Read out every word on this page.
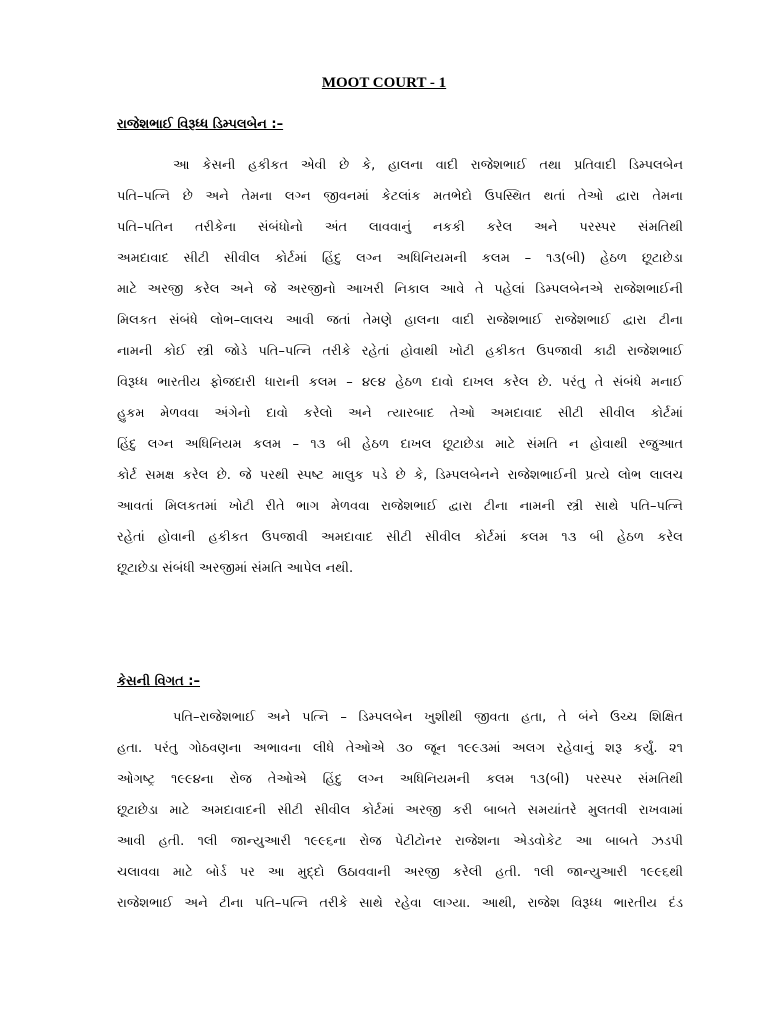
MOOT COURT - 1
રાજેશભાઈ વિરૂધ્ધ ડિમ્પલબેન :–
આ કેસની હકીકત એવી છે કે, હાલના વાદી રાજેશભાઈ તથા પ્રતિવાદી ડિમ્પલબેન
પતિ–પત્નિ છે અને તેમના લગ્ન જીવનમાં કેટલાંક મતભેદો ઉપસ્થિત થતાં તેઓ દ્વારા તેમના
પતિ–પતિન તરીકેના સંબંધોનો અંત લાવવાનું નકકી કરેલ અને પરસ્પર સંમતિથી
અમદાવાદ સીટી સીવીલ કોર્ટમાં હિંદુ લગ્ન અધિનિયમની કલમ – ૧૩(બી) હેઠળ છૂટાછેડા
માટે અરજી કરેલ અને જે અરજીનો આખરી નિકાલ આવે તે પહેલાં ડિમ્પલબેનએ રાજેશભાઈની
મિલકત સંબંધે લોભ–લાલચ આવી જતાં તેમણે હાલના વાદી રાજેશભાઈ રાજેશભાઈ દ્વારા ટીના
નામની કોઈ સ્ત્રી જોડે પતિ–પત્નિ તરીકે રહેતાં હોવાથી ખોટી હકીકત ઉપજાવી કાઢી રાજેશભાઈ
વિરૂધ્ધ ભારતીય ફોજદારી ધારાની કલમ – ૪૯૪ હેઠળ દાવો દાખલ કરેલ છે. પરંતુ તે સંબંધે મનાઈ
હુકમ મેળવવા અંગેનો દાવો કરેલો અને ત્યારબાદ તેઓ અમદાવાદ સીટી સીવીલ કોર્ટમાં
હિંદુ લગ્ન અધિનિયમ કલમ – ૧૩ બી હેઠળ દાખલ છૂટાછેડા માટે સંમતિ ન હોવાથી રજુઆત
કોર્ટ સમક્ષ કરેલ છે. જે પરથી સ્પષ્ટ માલુક પડે છે કે, ડિમ્પલબેનને રાજેશભાઈની પ્રત્યે લોભ લાલચ
આવતાં મિલકતમાં ખોટી રીતે ભાગ મેળવવા રાજેશભાઈ દ્વારા ટીના નામની સ્ત્રી સાથે પતિ–પત્નિ
રહેતાં હોવાની હકીકત ઉપજાવી અમદાવાદ સીટી સીવીલ કોર્ટમાં કલમ ૧૩ બી હેઠળ કરેલ
છૂટાછેડા સંબંધી અરજીમાં સંમતિ આપેલ નથી.
કેસની વિગત :–
પતિ–રાજેશભાઈ અને પત્નિ – ડિમ્પલબેન ખુશીથી જીવતા હતા, તે બંને ઉચ્ચ શિક્ષિત
હતા. પરંતુ ગોઠવણના અભાવના લીધે તેઓએ ૩૦ જૂન ૧૯૯૩માં અલગ રહેવાનું શરૂ કર્યું. ૨૧
ઓગષ્ટ્ર ૧૯૯૪ના રોજ તેઓએ હિંદુ લગ્ન અધિનિયમની કલમ ૧૩(બી) પરસ્પર સંમતિથી
છૂટાછેડા માટે અમદાવાદની સીટી સીવીલ કોર્ટમાં અરજી કરી બાબતે સમયાંતરે મુલતવી રાખવામાં
આવી હતી. ૧લી જાન્યુઆરી ૧૯૯૬ના રોજ પેટીટોનર રાજેશના એડવોકેટ આ બાબતે ઝડપી
ચલાવવા માટે બોર્ડ પર આ મુદ્દો ઉઠાવવાની અરજી કરેલી હતી. ૧લી જાન્યુઆરી ૧૯૯૬થી
રાજેશભાઈ અને ટીના પતિ–પત્નિ તરીકે સાથે રહેવા લાગ્યા. આથી, રાજેશ વિરૂધ્ધ ભારતીય દંડ
